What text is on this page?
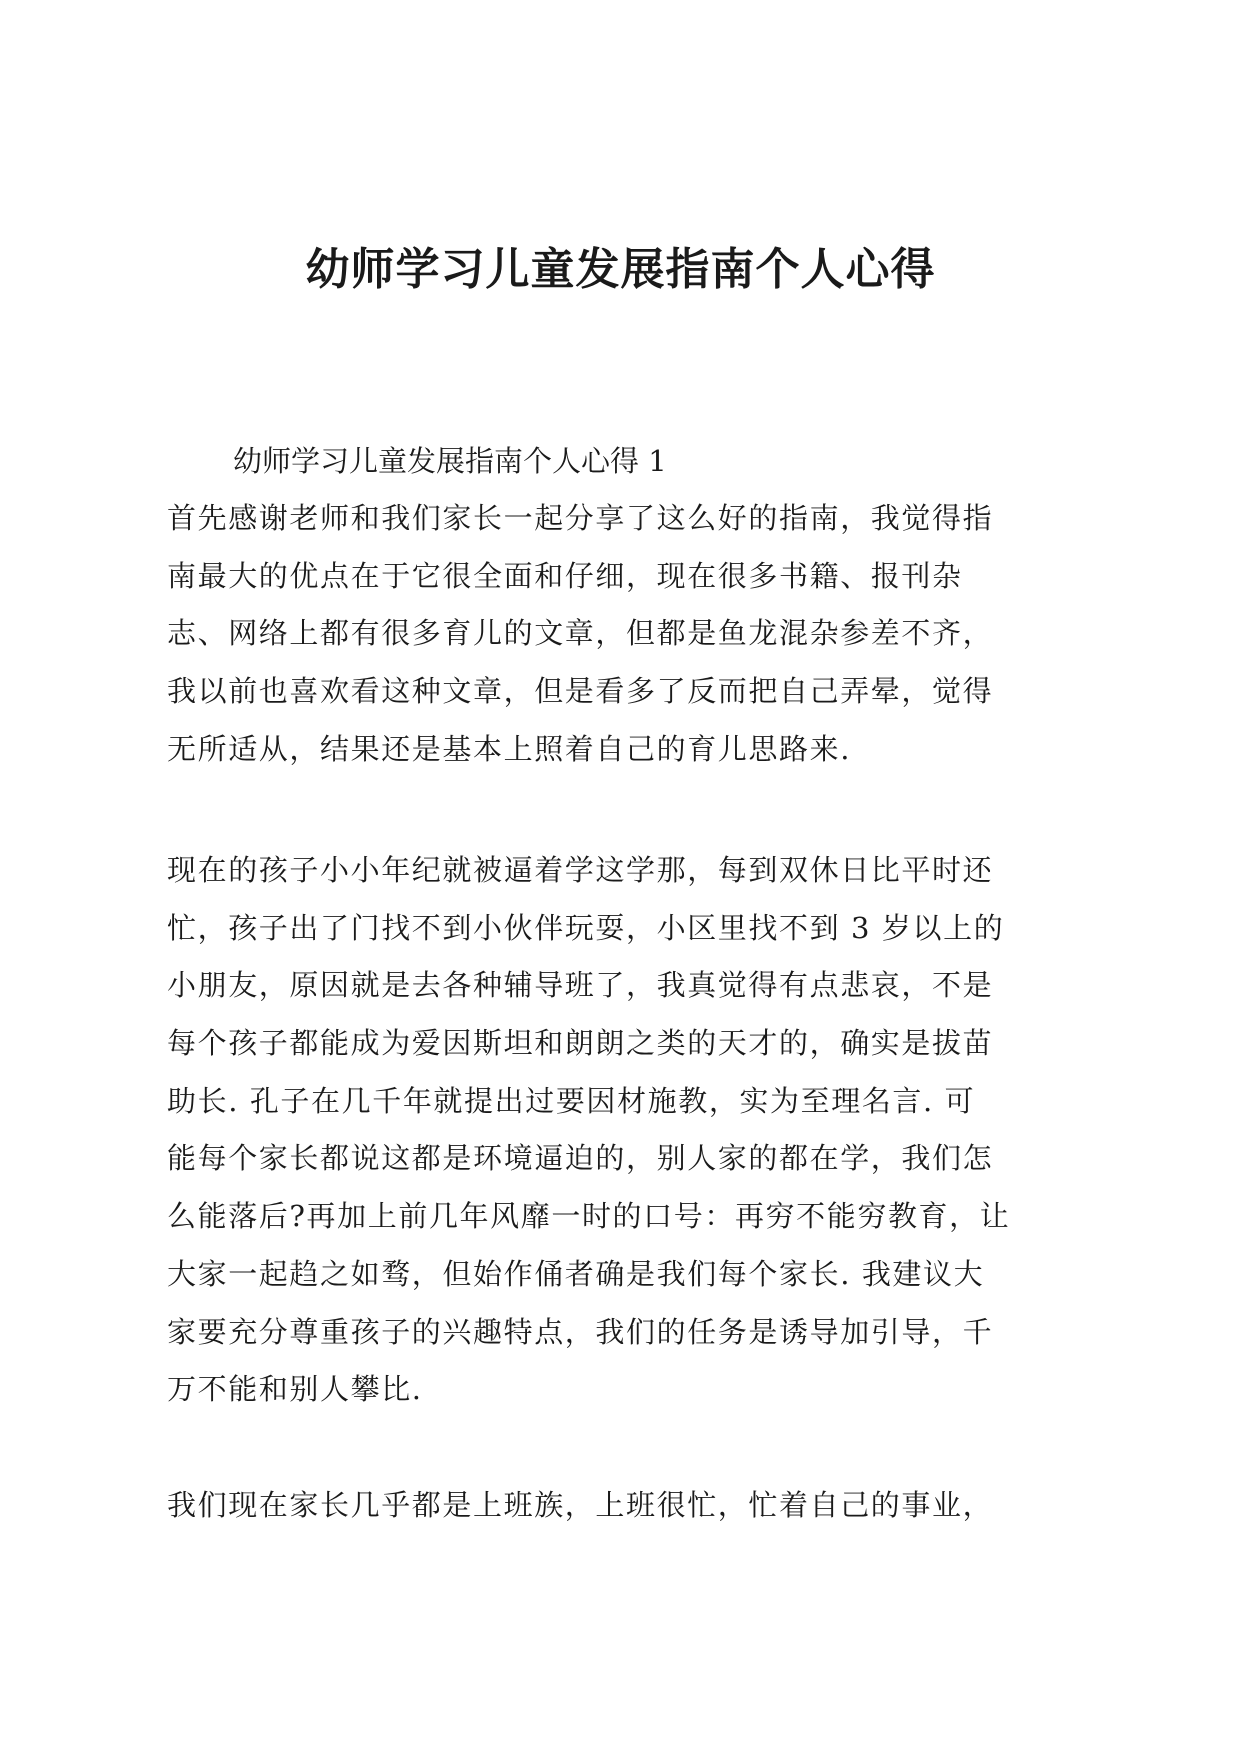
幼师学习儿童发展指南个人心得

幼师学习儿童发展指南个人心得 1

首先感谢老师和我们家长一起分享了这么好的指南，我觉得指
南最大的优点在于它很全面和仔细，现在很多书籍、报刊杂
志、网络上都有很多育儿的文章，但都是鱼龙混杂参差不齐，
我以前也喜欢看这种文章，但是看多了反而把自己弄晕，觉得
无所适从，结果还是基本上照着自己的育儿思路来.
现在的孩子小小年纪就被逼着学这学那，每到双休日比平时还
忙，孩子出了门找不到小伙伴玩耍，小区里找不到 3 岁以上的
小朋友，原因就是去各种辅导班了，我真觉得有点悲哀，不是
每个孩子都能成为爱因斯坦和朗朗之类的天才的，确实是拔苗
助长. 孔子在几千年就提出过要因材施教，实为至理名言. 可
能每个家长都说这都是环境逼迫的，别人家的都在学，我们怎
么能落后?再加上前几年风靡一时的口号：再穷不能穷教育，让
大家一起趋之如骛，但始作俑者确是我们每个家长. 我建议大
家要充分尊重孩子的兴趣特点，我们的任务是诱导加引导，千
万不能和别人攀比.
我们现在家长几乎都是上班族，上班很忙，忙着自己的事业，
